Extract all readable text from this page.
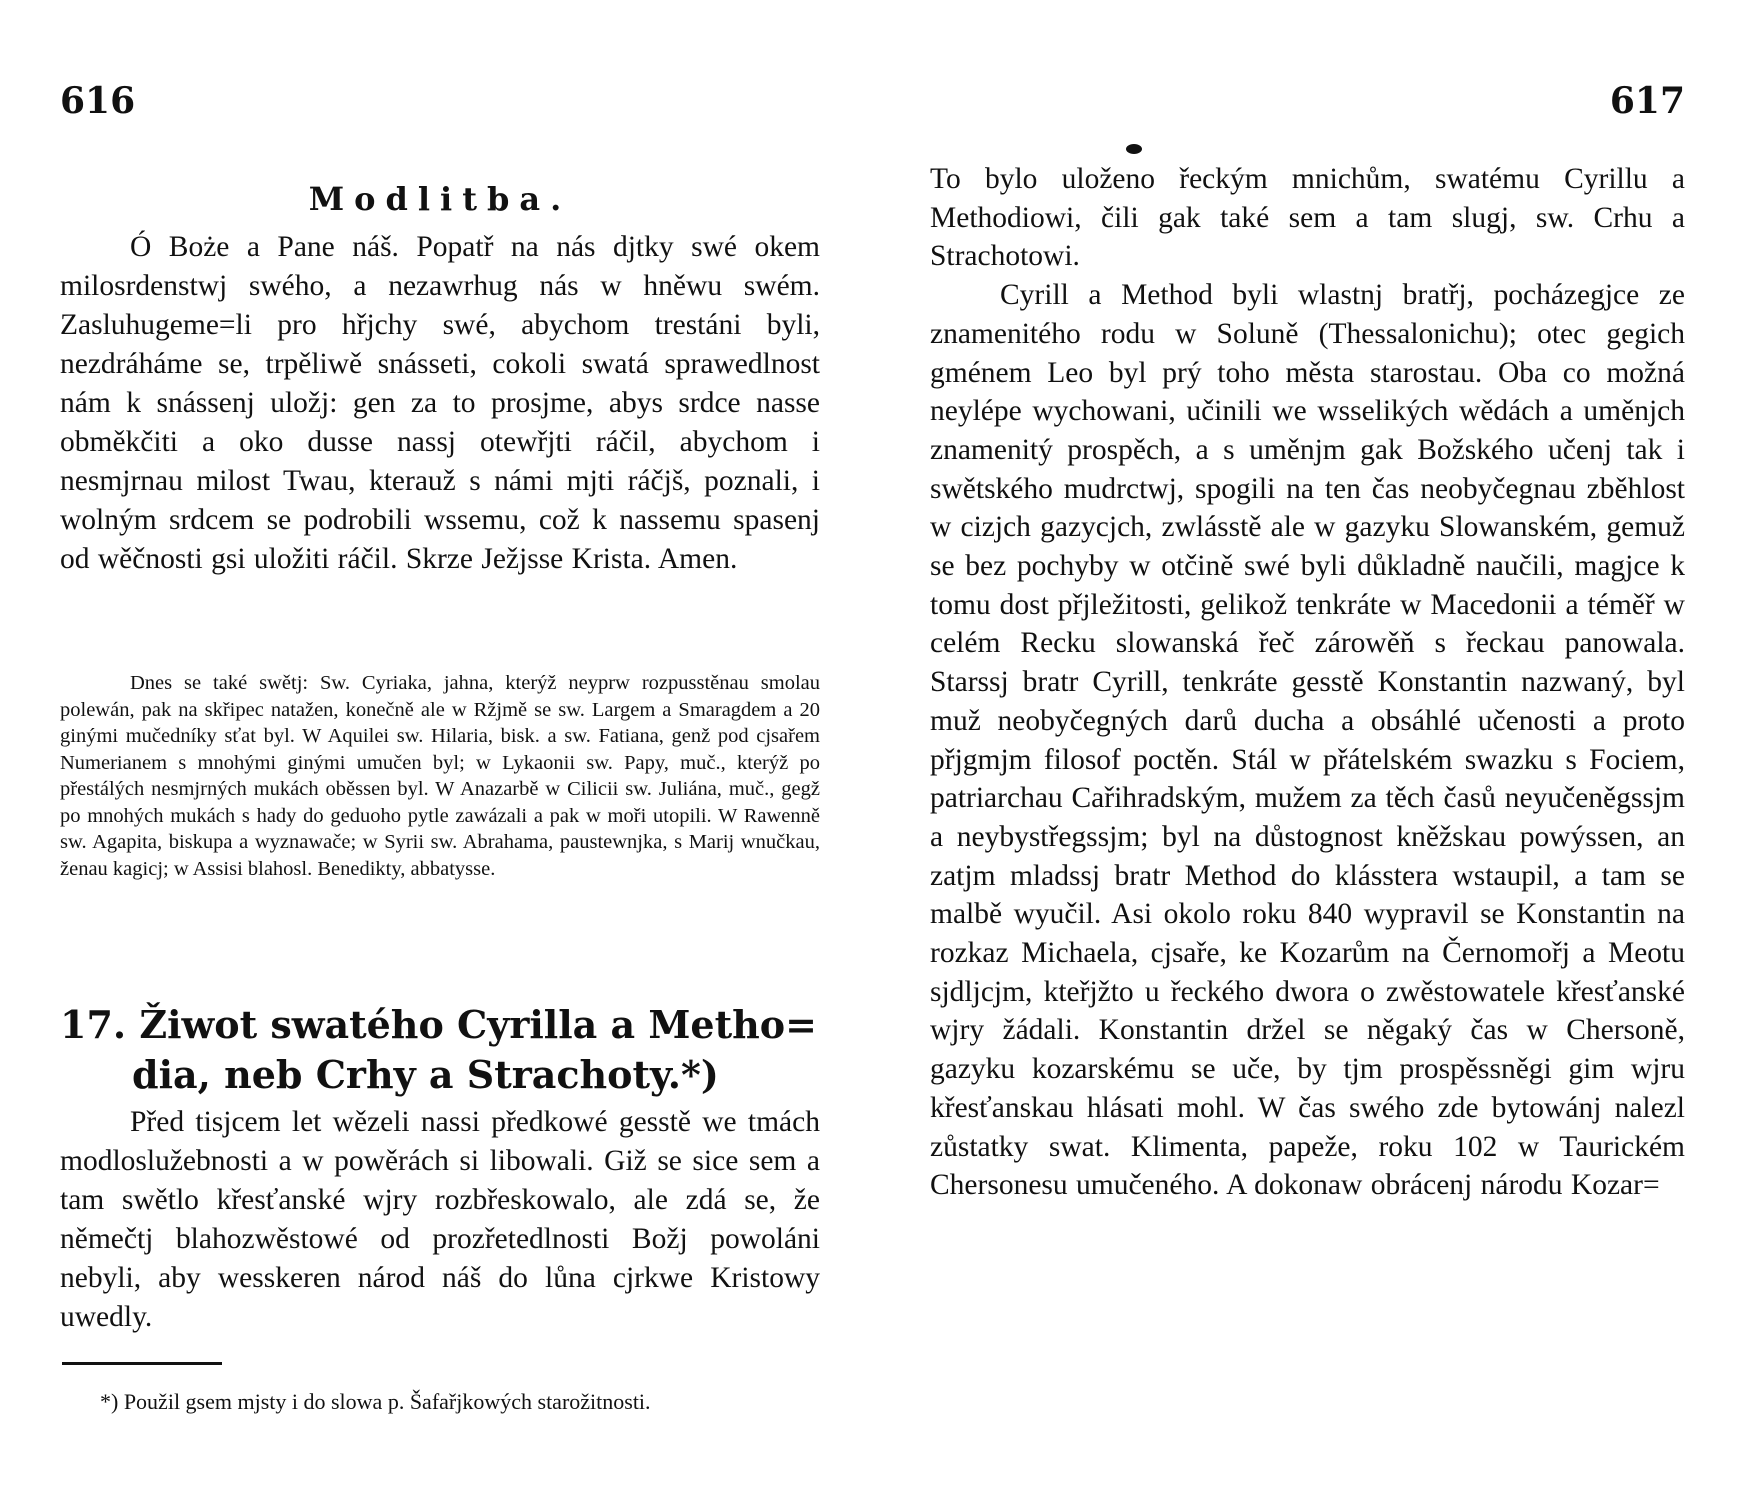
616
Modlitba.

Ó Boże a Pane náš. Popatř na nás djtky swé okem milosrdenstwj swého, a nezawrhug nás w hněwu swém. Zasluhugeme=li pro hřjchy swé, abychom trestáni byli, nezdráháme se, trpěliwě snásseti, cokoli swatá sprawedlnost nám k snássenj uložj: gen za to prosjme, abys srdce nasse obměkčiti a oko dusse nassj otewřjti ráčil, abychom i nesmjrnau milost Twau, kterauž s námi mjti ráčjš, poznali, i wolným srdcem se podrobili wssemu, což k nassemu spasenj od wěčnosti gsi uložiti ráčil. Skrze Ježjsse Krista. Amen.

Dnes se také swětj: Sw. Cyriaka, jahna, kterýž neyprw rozpusstěnau smolau polewán, pak na skřipec natažen, konečně ale w Ržjmě se sw. Largem a Smaragdem a 20 ginými mučedníky sťat byl. W Aquilei sw. Hilaria, bisk. a sw. Fatiana, genž pod cjsařem Numerianem s mnohými ginými umučen byl; w Lykaonii sw. Papy, muč., kterýž po přestálých nesmjrných mukách oběssen byl. W Anazarbě w Cilicii sw. Juliána, muč., gegž po mnohých mukách s hady do geduoho pytle zawázali a pak w moři utopili. W Rawenně sw. Agapita, biskupa a wyznawače; w Syrii sw. Abrahama, paustewnjka, s Marij wnučkau, ženau kagicj; w Assisi blahosl. Benedikty, abbatysse.

17. Žiwot swatého Cyrilla a Metho=
dia, neb Crhy a Strachoty.*)

Před tisjcem let wězeli nassi předkowé gesstě we tmách modloslužebnosti a w powěrách si libowali. Giž se sice sem a tam swětlo křesťanské wjry rozbřeskowalo, ale zdá se, že němečtj blahozwěstowé od prozřetedlnosti Božj powoláni nebyli, aby wesskeren národ náš do lůna cjrkwe Kristowy uwedly.

*) Použil gsem mjsty i do slowa p. Šafařjkowých starožitnosti.

617

To bylo uloženo řeckým mnichům, swatému Cyrillu a Methodiowi, čili gak také sem a tam slugj, sw. Crhu a Strachotowi.

Cyrill a Method byli wlastnj bratřj, pocházegjce ze znamenitého rodu w Soluně (Thessalonichu); otec gegich gménem Leo byl prý toho města starostau. Oba co možná neylépe wychowani, učinili we wsselikých wědách a uměnjch znamenitý prospěch, a s uměnjm gak Božského učenj tak i swětského mudrctwj, spogili na ten čas neobyčegnau zběhlost w cizjch gazycjch, zwlásstě ale w gazyku Slowanském, gemuž se bez pochyby w otčině swé byli důkladně naučili, magjce k tomu dost přjležitosti, gelikož tenkráte w Macedonii a téměř w celém Recku slowanská řeč zárowěň s řeckau panowala. Starssj bratr Cyrill, tenkráte gesstě Konstantin nazwaný, byl muž neobyčegných darů ducha a obsáhlé učenosti a proto přjgmjm filosof poctěn. Stál w přátelském swazku s Fociem, patriarchau Cařihradským, mužem za těch časů neyučeněgssjm a neybystřegssjm; byl na důstognost kněžskau powýssen, an zatjm mladssj bratr Method do klássterа wstaupil, a tam se malbě wyučil. Asi okolo roku 840 wypravil se Konstantin na rozkaz Michaela, cjsaře, ke Kozarům na Černomořj a Meotu sjdljcjm, kteřjžto u řeckého dwora o zwěstowatele křesťanské wjry žádali. Konstantin držel se něgaký čas w Chersoně, gazyku kozarskému se uče, by tjm prospěssněgi gim wjru křesťanskau hlásati mohl. W čas swého zde bytowánj nalezl zůstatky swat. Klimenta, papeže, roku 102 w Taurickém Chersonesu umučeného. A dokonaw obrácenj národu Kozar=
